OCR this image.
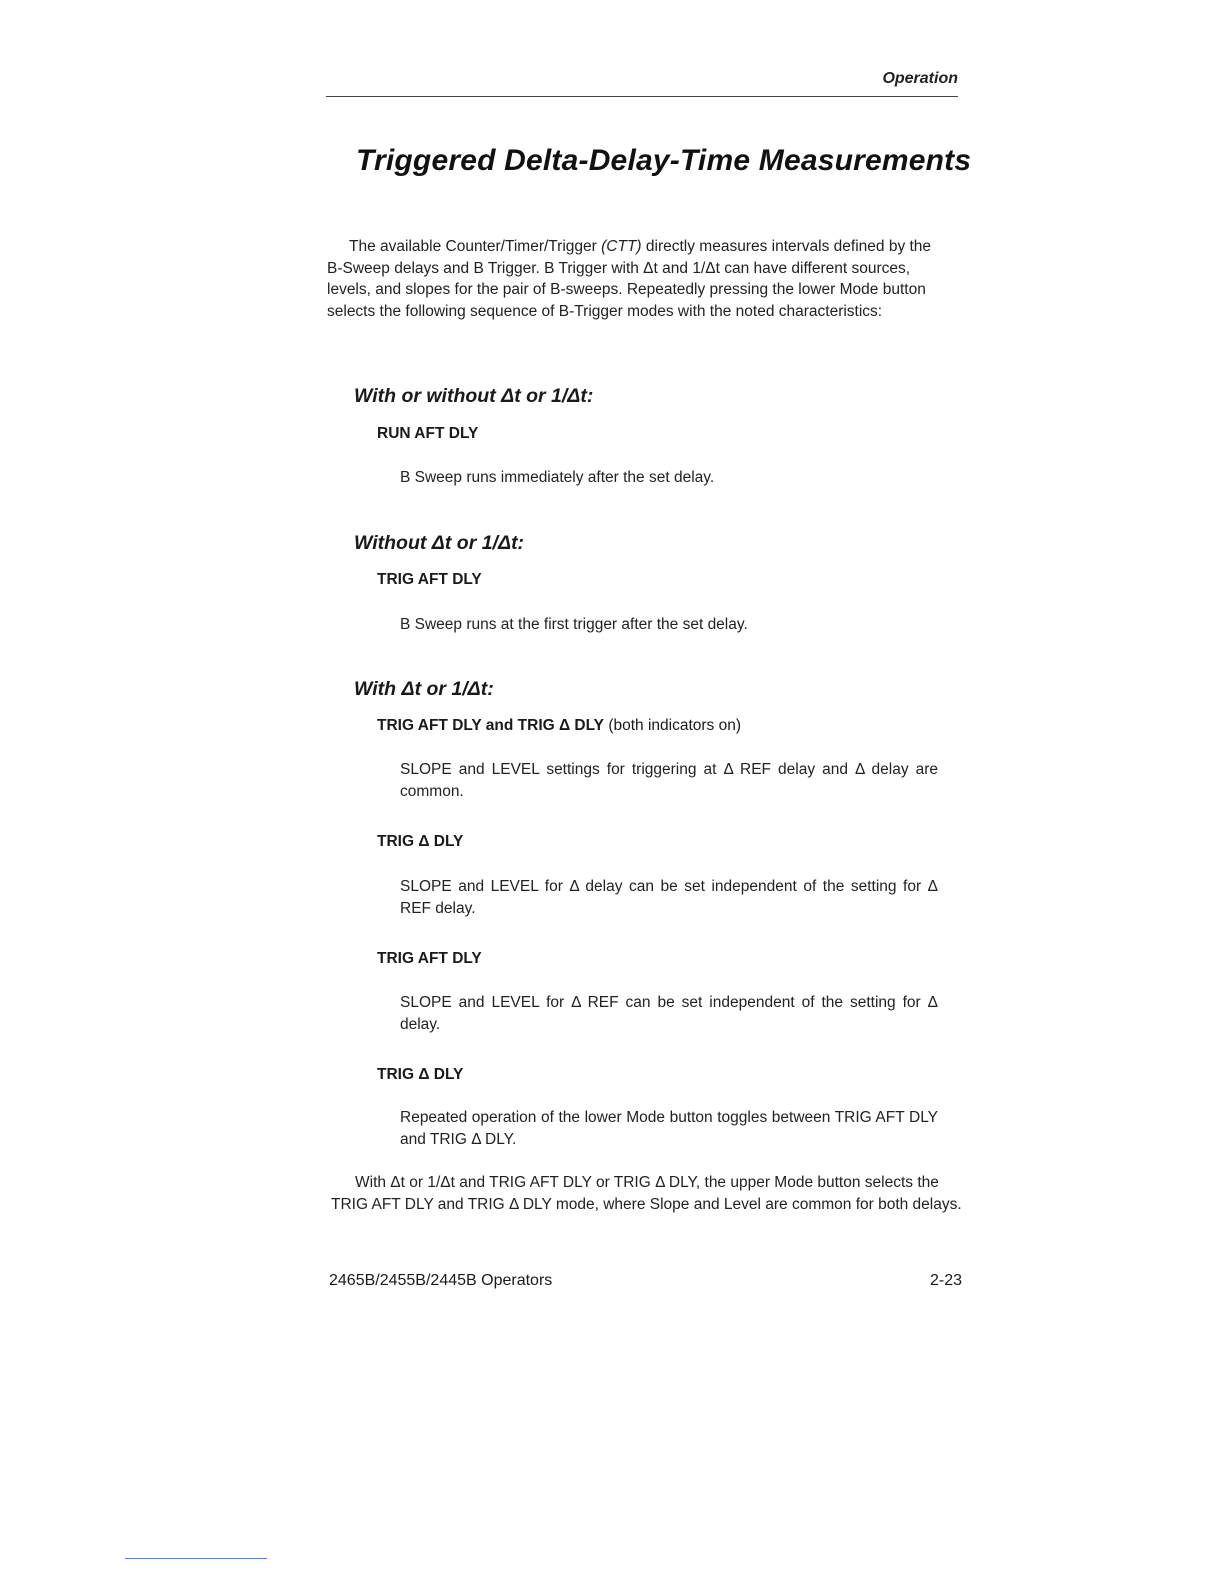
Operation
Triggered Delta-Delay-Time Measurements

The available Counter/Timer/Trigger (CTT) directly measures intervals defined by the B-Sweep delays and B Trigger. B Trigger with Δt and 1/Δt can have different sources, levels, and slopes for the pair of B-sweeps. Repeatedly pressing the lower Mode button selects the following sequence of B-Trigger modes with the noted characteristics:

With or without Δt or 1/Δt:
RUN AFT DLY
B Sweep runs immediately after the set delay.
Without Δt or 1/Δt:
TRIG AFT DLY
B Sweep runs at the first trigger after the set delay.
With Δt or 1/Δt:
TRIG AFT DLY and TRIG Δ DLY (both indicators on)
SLOPE and LEVEL settings for triggering at Δ REF delay and Δ delay are common.
TRIG Δ DLY
SLOPE and LEVEL for Δ delay can be set independent of the setting for Δ REF delay.
TRIG AFT DLY
SLOPE and LEVEL for Δ REF can be set independent of the setting for Δ delay.
TRIG Δ DLY
Repeated operation of the lower Mode button toggles between TRIG AFT DLY and TRIG Δ DLY.

With Δt or 1/Δt and TRIG AFT DLY or TRIG Δ DLY, the upper Mode button selects the TRIG AFT DLY and TRIG Δ DLY mode, where Slope and Level are common for both delays.

2465B/2455B/2445B Operators	2-23
